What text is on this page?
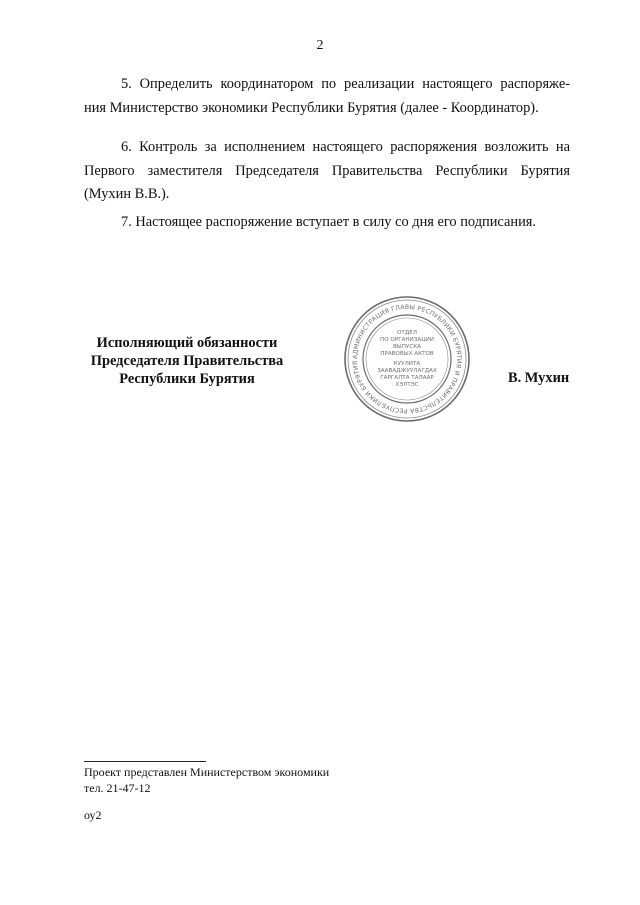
2
5. Определить координатором по реализации настоящего распоряже-
ния Министерство экономики Республики Бурятия (далее - Координатор).
6. Контроль за исполнением настоящего распоряжения возложить на
Первого заместителя Председателя Правительства Республики Бурятия
(Мухин В.В.).
7. Настоящее распоряжение вступает в силу со дня его подписания.
Исполняющий обязанности
Председателя Правительства
Республики Бурятия
АДМИНИСТРАЦИЯ ГЛАВЫ РЕСПУБЛИКИ БУРЯТИЯ И ПРАВИТЕЛЬСТВА РЕСПУБЛИКИ БУРЯТИЯ
ОТДЕЛ
ПО ОРГАНИЗАЦИИ
ВЫПУСКА
ПРАВОВЫХ АКТОВ
КУУЛИТА
ЗААВАДЖУУЛАГДАХ
ГАРГАЛТА ТАЛААР
ХЭЛТЭС	В. Мухин
Проект представлен Министерством экономики
тел. 21-47-12
оу2
